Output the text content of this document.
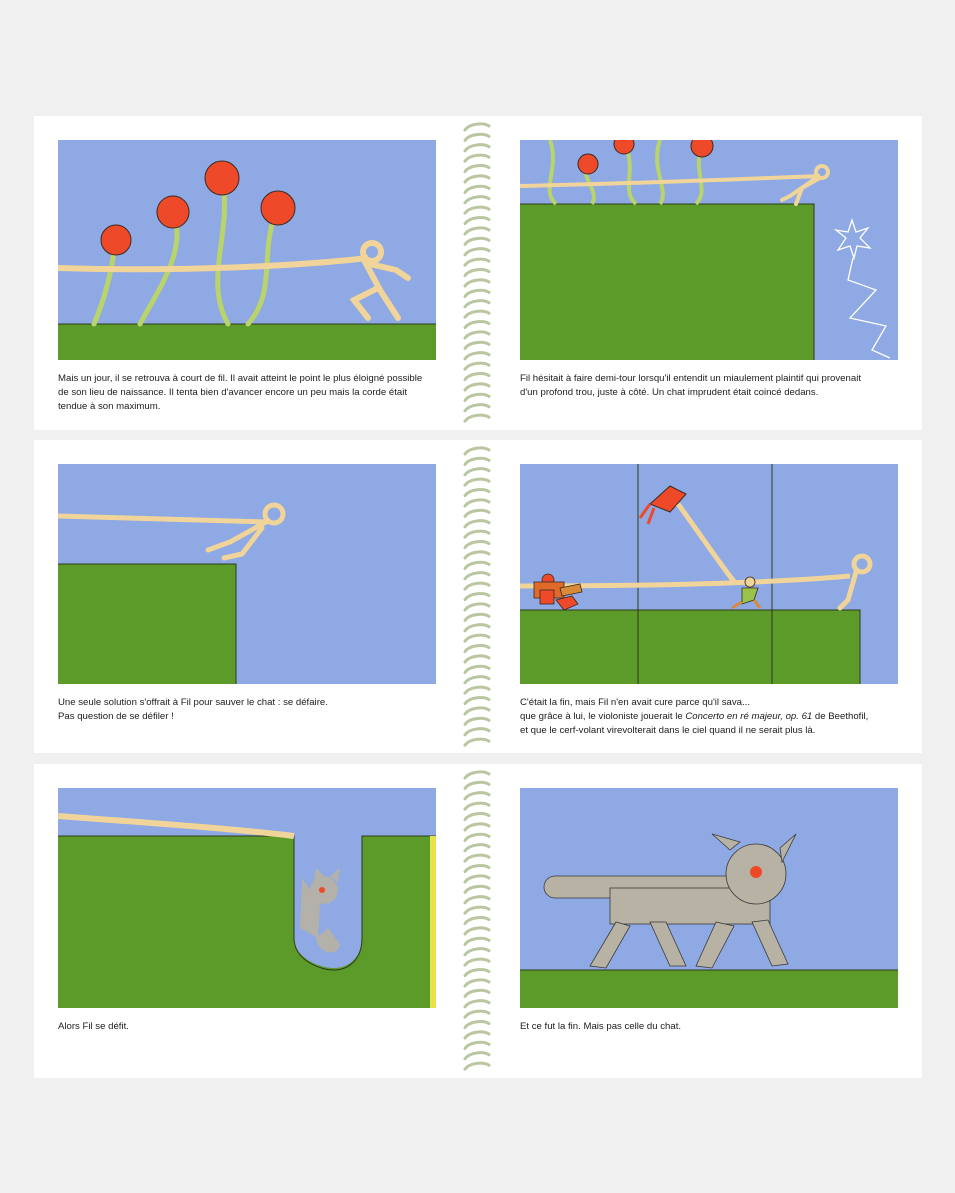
Mais un jour, il se retrouva à court de fil. Il avait atteint le point le plus éloigné possible

de son lieu de naissance. Il tenta bien d'avancer encore un peu mais la corde était

tendue à son maximum.

Fil hésitait à faire demi-tour lorsqu'il entendit un miaulement plaintif qui provenait

d'un profond trou, juste à côté. Un chat imprudent était coincé dedans.

Une seule solution s'offrait à Fil pour sauver le chat : se défaire.

Pas question de se défiler !

C'était la fin, mais Fil n'en avait cure parce qu'il sava...

que grâce à lui, le violoniste jouerait le Concerto en ré majeur, op. 61 de Beethofil,

et que le cerf-volant virevolterait dans le ciel quand il ne serait plus là.

Alors Fil se défit.	Et ce fut la fin. Mais pas celle du chat.
